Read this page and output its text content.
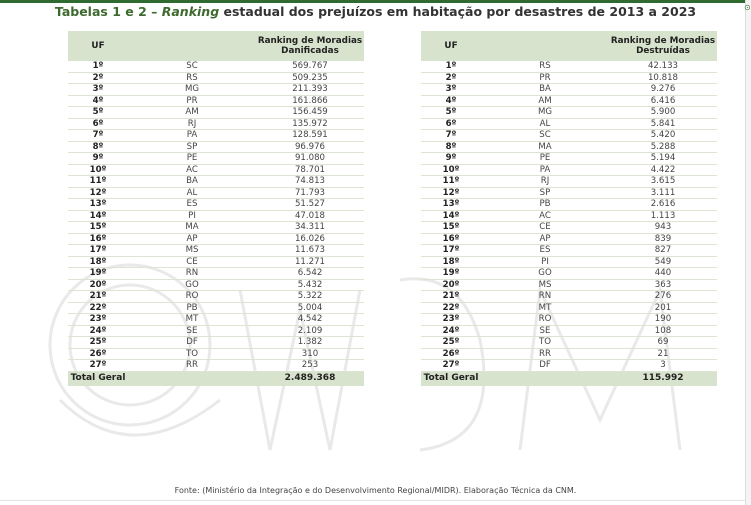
⊙
Tabelas 1 e 2 – Ranking estadual dos prejuízos em habitação por desastres de 2013 a 2023
UF		Ranking de Moradias Danificadas
1º	SC	569.767
2º	RS	509.235
3º	MG	211.393
4º	PR	161.866
5º	AM	156.459
6º	RJ	135.972
7º	PA	128.591
8º	SP	96.976
9º	PE	91.080
10º	AC	78.701
11º	BA	74.813
12º	AL	71.793
13º	ES	51.527
14º	PI	47.018
15º	MA	34.311
16º	AP	16.026
17º	MS	11.673
18º	CE	11.271
19º	RN	6.542
20º	GO	5.432
21º	RO	5.322
22º	PB	5.004
23º	MT	4.542
24º	SE	2.109
25º	DF	1.382
26º	TO	310
27º	RR	253
Total Geral		2.489.368
UF		Ranking de Moradias Destruídas
1º	RS	42.133
2º	PR	10.818
3º	BA	9.276
4º	AM	6.416
5º	MG	5.900
6º	AL	5.841
7º	SC	5.420
8º	MA	5.288
9º	PE	5.194
10º	PA	4.422
11º	RJ	3.615
12º	SP	3.111
13º	PB	2.616
14º	AC	1.113
15º	CE	943
16º	AP	839
17º	ES	827
18º	PI	549
19º	GO	440
20º	MS	363
21º	RN	276
22º	MT	201
23º	RO	190
24º	SE	108
25º	TO	69
26º	RR	21
27º	DF	3
Total Geral		115.992
Fonte: (Ministério da Integração e do Desenvolvimento Regional/MIDR). Elaboração Técnica da CNM.
